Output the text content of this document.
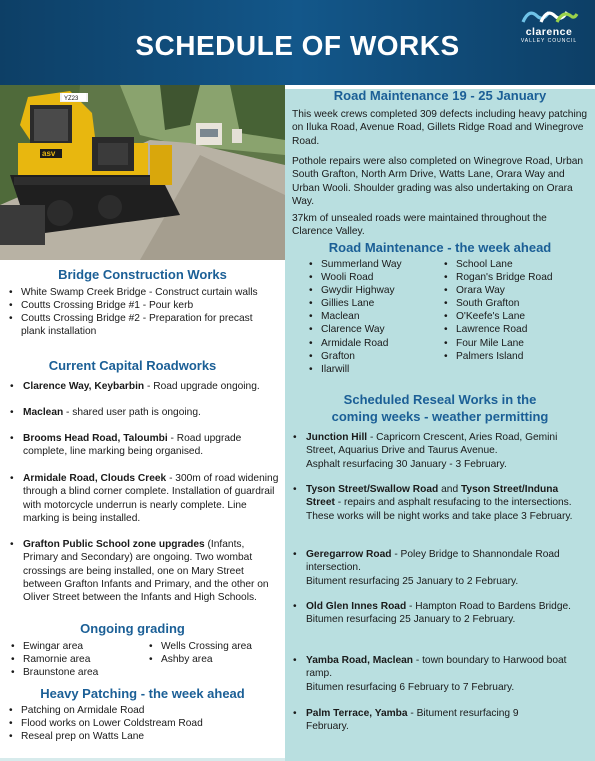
SCHEDULE OF WORKS	clarence
VALLEY COUNCIL
asv
YZ23	Road Maintenance 19 - 25 January
This week crews completed 309 defects including heavy patching on Iluka Road, Avenue Road, Gillets Ridge Road and Winegrove Road.
Pothole repairs were also completed on Winegrove Road, Urban South Grafton, North Arm Drive, Watts Lane, Orara Way and Urban Wooli. Shoulder grading was also undertaking on Orara Way.
37km of unsealed roads were maintained throughout the Clarence Valley.
Road Maintenance - the week ahead
• Summerland Way
• Wooli Road
• Gwydir Highway
• Gillies Lane
• Maclean
• Clarence Way
• Armidale Road
• Grafton
• Ilarwill
• School Lane
• Rogan's Bridge Road
• Orara Way
• South Grafton
• O'Keefe's Lane
• Lawrence Road
• Four Mile Lane
• Palmers Island
Scheduled Reseal Works in the
coming weeks - weather permitting
• Junction Hill - Capricorn Crescent, Aries Road, Gemini Street, Aquarius Drive and Taurus Avenue.
Asphalt resurfacing 30 January - 3 February.
• Tyson Street/Swallow Road and Tyson Street/Induna Street - repairs and asphalt resufacing to the intersections. These works will be night works and take place 3 February.
• Geregarrow Road - Poley Bridge to Shannondale Road intersection.
Bitument resurfacing 25 January to 2 February.
• Old Glen Innes Road - Hampton Road to Bardens Bridge.
Bitumen resurfacing 25 January to 2 February.
• Yamba Road, Maclean - town boundary to Harwood boat ramp.
Bitumen resurfacing 6 February to 7 February.
• Palm Terrace, Yamba - Bitument resurfacing 9 February.
Bridge Construction Works
• White Swamp Creek Bridge - Construct curtain walls
• Coutts Crossing Bridge #1 - Pour kerb
• Coutts Crossing Bridge #2 - Preparation for precast plank installation
Current Capital Roadworks
• Clarence Way, Keybarbin - Road upgrade ongoing.
• Maclean - shared user path is ongoing.
• Brooms Head Road, Taloumbi - Road upgrade complete, line marking being organised.
• Armidale Road, Clouds Creek - 300m of road widening through a blind corner complete. Installation of guardrail with motorcycle underrun is nearly complete. Line marking is being installed.
• Grafton Public School zone upgrades (Infants, Primary and Secondary) are ongoing. Two wombat crossings are being installed, one on Mary Street between Grafton Infants and Primary, and the other on Oliver Street between the Infants and High Schools.
Ongoing grading
• Ewingar area
• Ramornie area
• Braunstone area
• Wells Crossing area
• Ashby area
Heavy Patching - the week ahead
• Patching on Armidale Road
• Flood works on Lower Coldstream Road
• Reseal prep on Watts Lane
